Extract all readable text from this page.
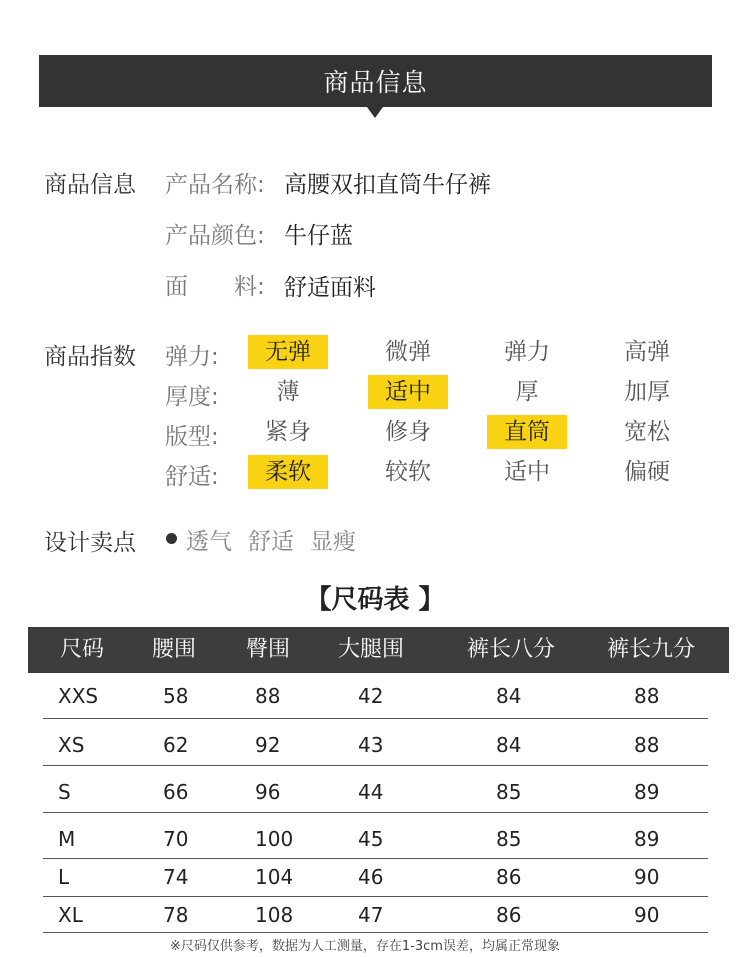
商品信息
商品信息 产品名称: 高腰双扣直筒牛仔裤
产品颜色: 牛仔蓝
面　　料: 舒适面料
商品指数 弹力:	无弹	微弹	弹力	高弹
厚度:	薄	适中	厚	加厚
版型:	紧身	修身	直筒	宽松
舒适:	柔软	较软	适中	偏硬
设计卖点 透气 舒适 显瘦
【尺码表 】
尺码 腰围 臀围 大腿围	裤长八分 裤长九分
XXS	58	88	42	84	88
XS	62	92	43	84	88
S	66	96	44	85	89
M	70	100	45	85	89
L	74	104	46	86	90
XL	78	108	47	86	90
※尺码仅供参考，数据为人工测量，存在1-3cm误差，均属正常现象
